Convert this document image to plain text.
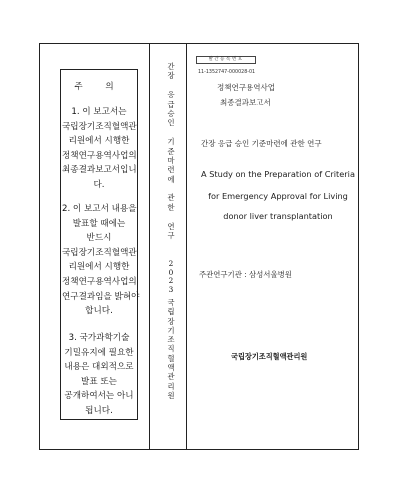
주 의
1. 이 보고서는
국립장기조직혈액관
리원에서 시행한
정책연구용역사업의
최종결과보고서입니
다.
2. 이 보고서 내용을
발표할 때에는
반드시
국립장기조직혈액관
리원에서 시행한
정책연구용역사업의
연구결과임을 밝혀야
합니다.
3. 국가과학기술
기밀유지에 필요한
내용은 대외적으로
발표 또는
공개하여서는 아니
됩니다.
간
장
응
급
승
인
기
준
마
련
에
관
한
연
구
2
0
2
3
국
립
장
기
조
직
혈
액
관
리
원
발간등록번호
11-1352747-000028-01
정책연구용역사업
최종결과보고서
간장 응급 승인 기준마련에 관한 연구
A Study on the Preparation of Criteria
for Emergency Approval for Living
donor liver transplantation
주관연구기관 : 삼성서울병원
국립장기조직혈액관리원
